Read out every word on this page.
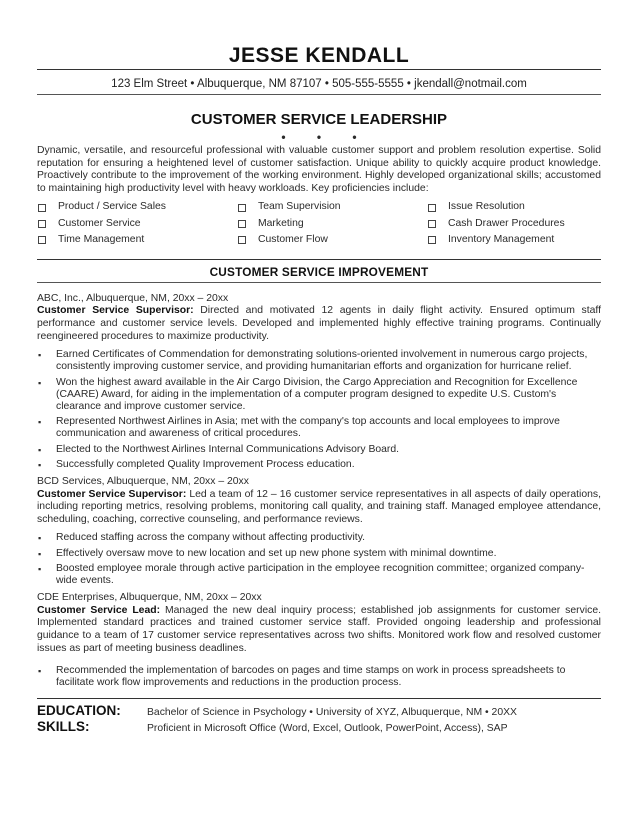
JESSE KENDALL
123 Elm Street • Albuquerque, NM 87107 • 505-555-5555 • jkendall@notmail.com
CUSTOMER SERVICE LEADERSHIP
• • •
Dynamic, versatile, and resourceful professional with valuable customer support and problem resolution expertise. Solid reputation for ensuring a heightened level of customer satisfaction. Unique ability to quickly acquire product knowledge. Proactively contribute to the improvement of the working environment. Highly developed organizational skills; accustomed to maintaining high productivity level with heavy workloads. Key proficiencies include:
Product / Service Sales	Team Supervision	Issue Resolution
Customer Service	Marketing	Cash Drawer Procedures
Time Management	Customer Flow	Inventory Management
CUSTOMER SERVICE IMPROVEMENT
ABC, Inc., Albuquerque, NM, 20xx – 20xx
Customer Service Supervisor: Directed and motivated 12 agents in daily flight activity. Ensured optimum staff performance and customer service levels. Developed and implemented highly effective training programs. Continually reengineered procedures to maximize productivity.
▪ Earned Certificates of Commendation for demonstrating solutions-oriented involvement in numerous cargo projects, consistently improving customer service, and providing humanitarian efforts and organization for hurricane relief.
▪ Won the highest award available in the Air Cargo Division, the Cargo Appreciation and Recognition for Excellence (CAARE) Award, for aiding in the implementation of a computer program designed to expedite U.S. Custom's clearance and improve customer service.
▪ Represented Northwest Airlines in Asia; met with the company's top accounts and local employees to improve communication and awareness of critical procedures.
▪ Elected to the Northwest Airlines Internal Communications Advisory Board.
▪ Successfully completed Quality Improvement Process education.
BCD Services, Albuquerque, NM, 20xx – 20xx
Customer Service Supervisor: Led a team of 12 – 16 customer service representatives in all aspects of daily operations, including reporting metrics, resolving problems, monitoring call quality, and training staff. Managed employee attendance, scheduling, coaching, corrective counseling, and performance reviews.
▪ Reduced staffing across the company without affecting productivity.
▪ Effectively oversaw move to new location and set up new phone system with minimal downtime.
▪ Boosted employee morale through active participation in the employee recognition committee; organized company-wide events.
CDE Enterprises, Albuquerque, NM, 20xx – 20xx
Customer Service Lead: Managed the new deal inquiry process; established job assignments for customer service. Implemented standard practices and trained customer service staff. Provided ongoing leadership and professional guidance to a team of 17 customer service representatives across two shifts. Monitored work flow and resolved customer issues as part of meeting business deadlines.
▪ Recommended the implementation of barcodes on pages and time stamps on work in process spreadsheets to facilitate work flow improvements and reductions in the production process.
EDUCATION:	Bachelor of Science in Psychology • University of XYZ, Albuquerque, NM • 20XX
SKILLS:	Proficient in Microsoft Office (Word, Excel, Outlook, PowerPoint, Access), SAP
